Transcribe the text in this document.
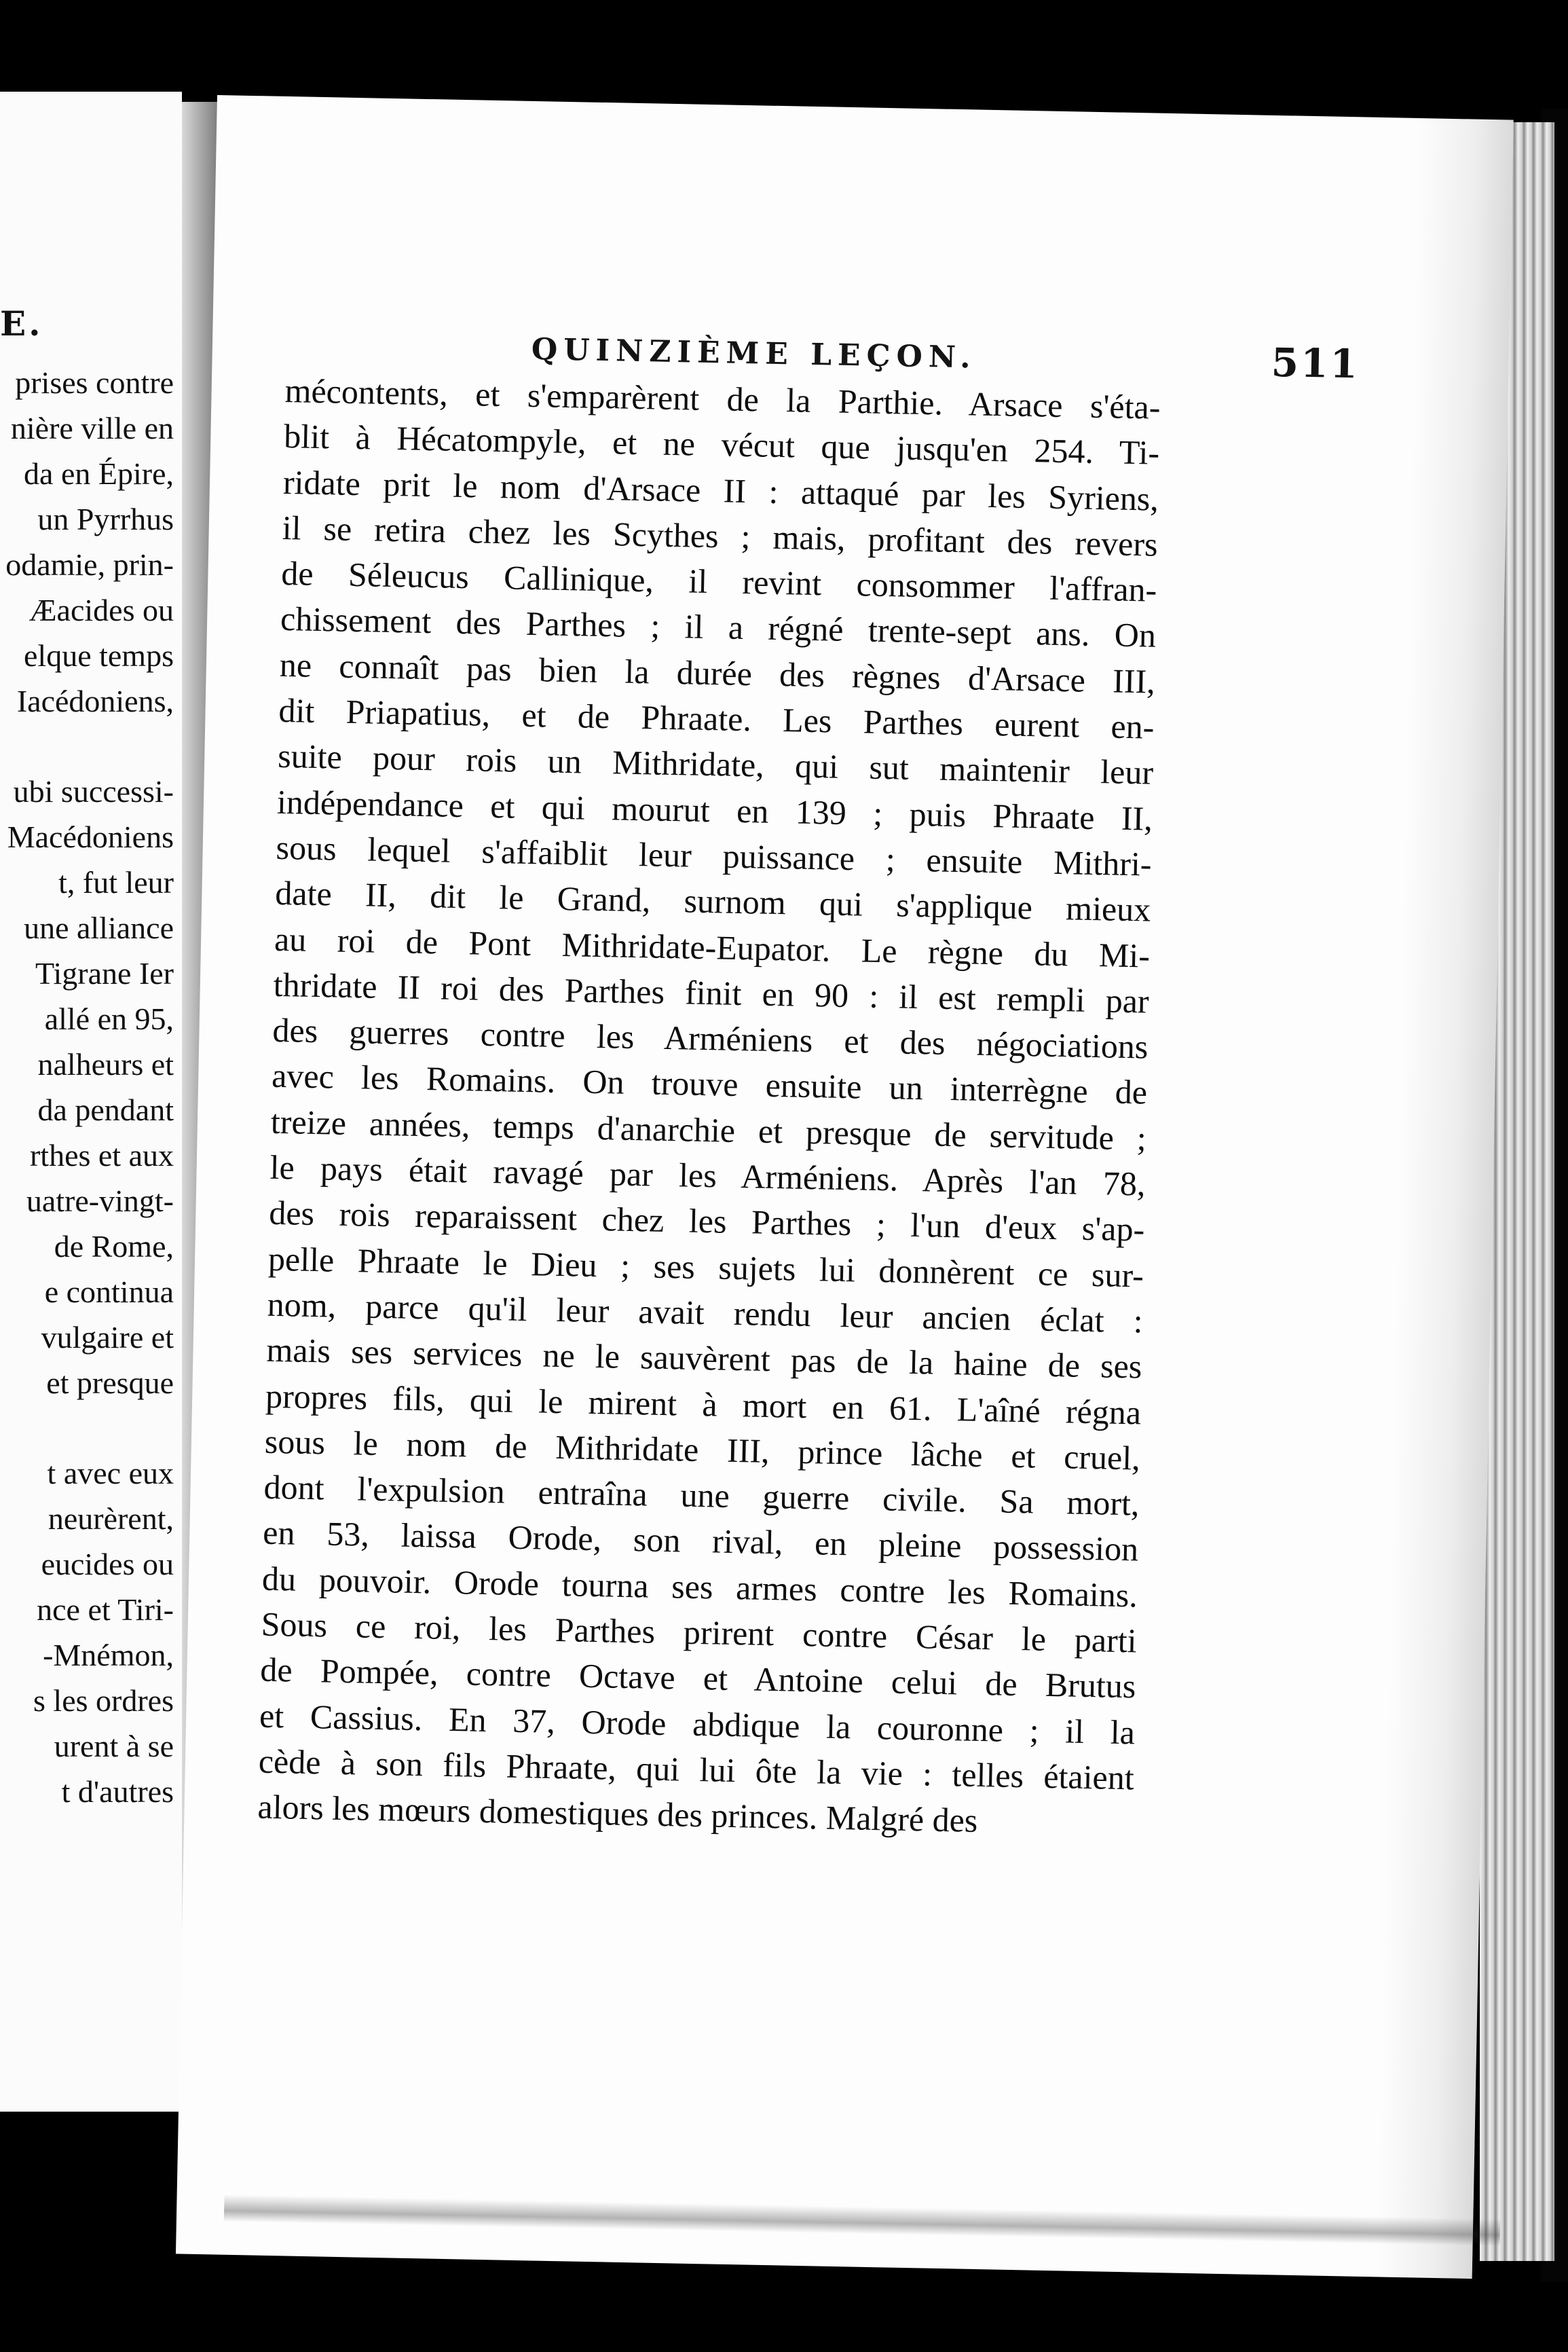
E.
prises contre
nière ville en
da en Épire,
un Pyrrhus
odamie, prin-
Æacides ou
elque temps
Iacédoniens,
ubi successi-
Macédoniens
t, fut leur
une alliance
Tigrane Ier
allé en 95,
nalheurs et
da pendant
rthes et aux
uatre-vingt-
de Rome,
e continua
vulgaire et
et presque
t avec eux
neurèrent,
eucides ou
nce et Tiri-
-Mnémon,
s les ordres
urent à se
t d'autres
QUINZIÈME LEÇON.	511
mécontents, et s'emparèrent de la Parthie. Arsace s'éta-
blit à Hécatompyle, et ne vécut que jusqu'en 254. Ti-
ridate prit le nom d'Arsace II : attaqué par les Syriens,
il se retira chez les Scythes ; mais, profitant des revers
de Séleucus Callinique, il revint consommer l'affran-
chissement des Parthes ; il a régné trente-sept ans. On
ne connaît pas bien la durée des règnes d'Arsace III,
dit Priapatius, et de Phraate. Les Parthes eurent en-
suite pour rois un Mithridate, qui sut maintenir leur
indépendance et qui mourut en 139 ; puis Phraate II,
sous lequel s'affaiblit leur puissance ; ensuite Mithri-
date II, dit le Grand, surnom qui s'applique mieux
au roi de Pont Mithridate-Eupator. Le règne du Mi-
thridate II roi des Parthes finit en 90 : il est rempli par
des guerres contre les Arméniens et des négociations
avec les Romains. On trouve ensuite un interrègne de
treize années, temps d'anarchie et presque de servitude ;
le pays était ravagé par les Arméniens. Après l'an 78,
des rois reparaissent chez les Parthes ; l'un d'eux s'ap-
pelle Phraate le Dieu ; ses sujets lui donnèrent ce sur-
nom, parce qu'il leur avait rendu leur ancien éclat :
mais ses services ne le sauvèrent pas de la haine de ses
propres fils, qui le mirent à mort en 61. L'aîné régna
sous le nom de Mithridate III, prince lâche et cruel,
dont l'expulsion entraîna une guerre civile. Sa mort,
en 53, laissa Orode, son rival, en pleine possession
du pouvoir. Orode tourna ses armes contre les Romains.
Sous ce roi, les Parthes prirent contre César le parti
de Pompée, contre Octave et Antoine celui de Brutus
et Cassius. En 37, Orode abdique la couronne ; il la
cède à son fils Phraate, qui lui ôte la vie : telles étaient
alors les mœurs domestiques des princes. Malgré des
